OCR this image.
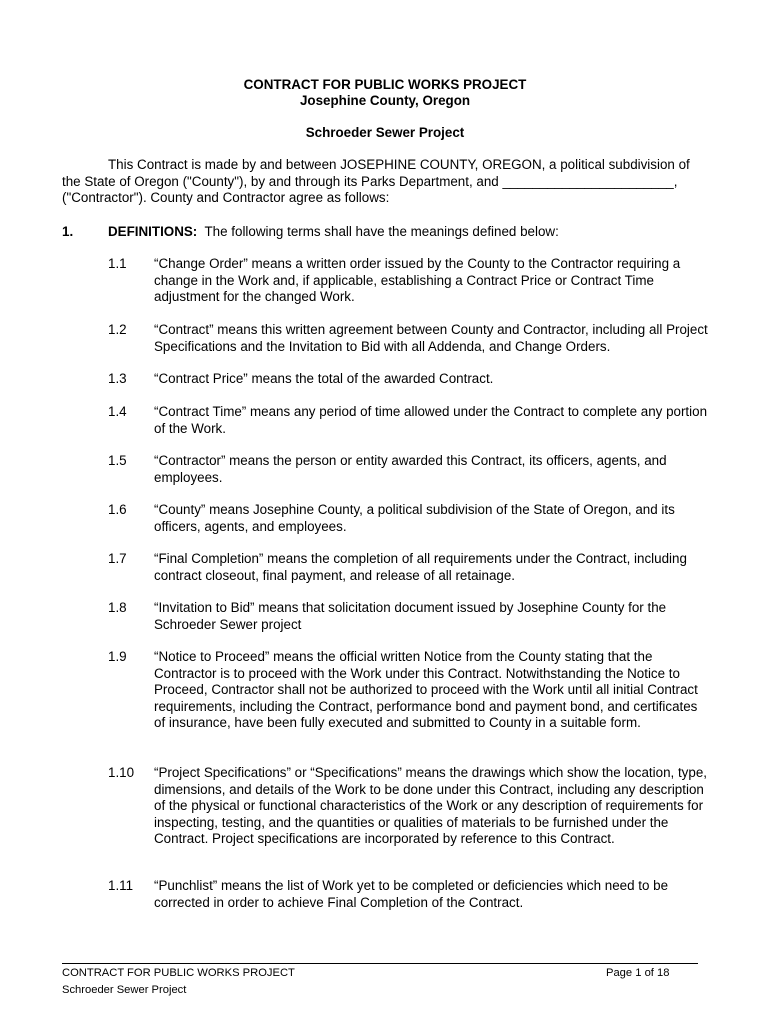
CONTRACT FOR PUBLIC WORKS PROJECT
Josephine County, Oregon
Schroeder Sewer Project
This Contract is made by and between JOSEPHINE COUNTY, OREGON, a political subdivision of the State of Oregon ("County"), by and through its Parks Department, and _______________________, ("Contractor"). County and Contractor agree as follows:
1.	DEFINITIONS: The following terms shall have the meanings defined below:
1.1 “Change Order” means a written order issued by the County to the Contractor requiring a change in the Work and, if applicable, establishing a Contract Price or Contract Time adjustment for the changed Work.
1.2 “Contract” means this written agreement between County and Contractor, including all Project Specifications and the Invitation to Bid with all Addenda, and Change Orders.
1.3 “Contract Price” means the total of the awarded Contract.
1.4 “Contract Time” means any period of time allowed under the Contract to complete any portion of the Work.
1.5 “Contractor” means the person or entity awarded this Contract, its officers, agents, and employees.
1.6 “County” means Josephine County, a political subdivision of the State of Oregon, and its officers, agents, and employees.
1.7 “Final Completion” means the completion of all requirements under the Contract, including contract closeout, final payment, and release of all retainage.
1.8 “Invitation to Bid” means that solicitation document issued by Josephine County for the Schroeder Sewer project
1.9 “Notice to Proceed” means the official written Notice from the County stating that the Contractor is to proceed with the Work under this Contract. Notwithstanding the Notice to Proceed, Contractor shall not be authorized to proceed with the Work until all initial Contract requirements, including the Contract, performance bond and payment bond, and certificates of insurance, have been fully executed and submitted to County in a suitable form.
1.10 “Project Specifications” or “Specifications” means the drawings which show the location, type, dimensions, and details of the Work to be done under this Contract, including any description of the physical or functional characteristics of the Work or any description of requirements for inspecting, testing, and the quantities or qualities of materials to be furnished under the Contract. Project specifications are incorporated by reference to this Contract.
1.11 “Punchlist” means the list of Work yet to be completed or deficiencies which need to be corrected in order to achieve Final Completion of the Contract.
CONTRACT FOR PUBLIC WORKS PROJECT
Schroeder Sewer Project
Page 1 of 18
